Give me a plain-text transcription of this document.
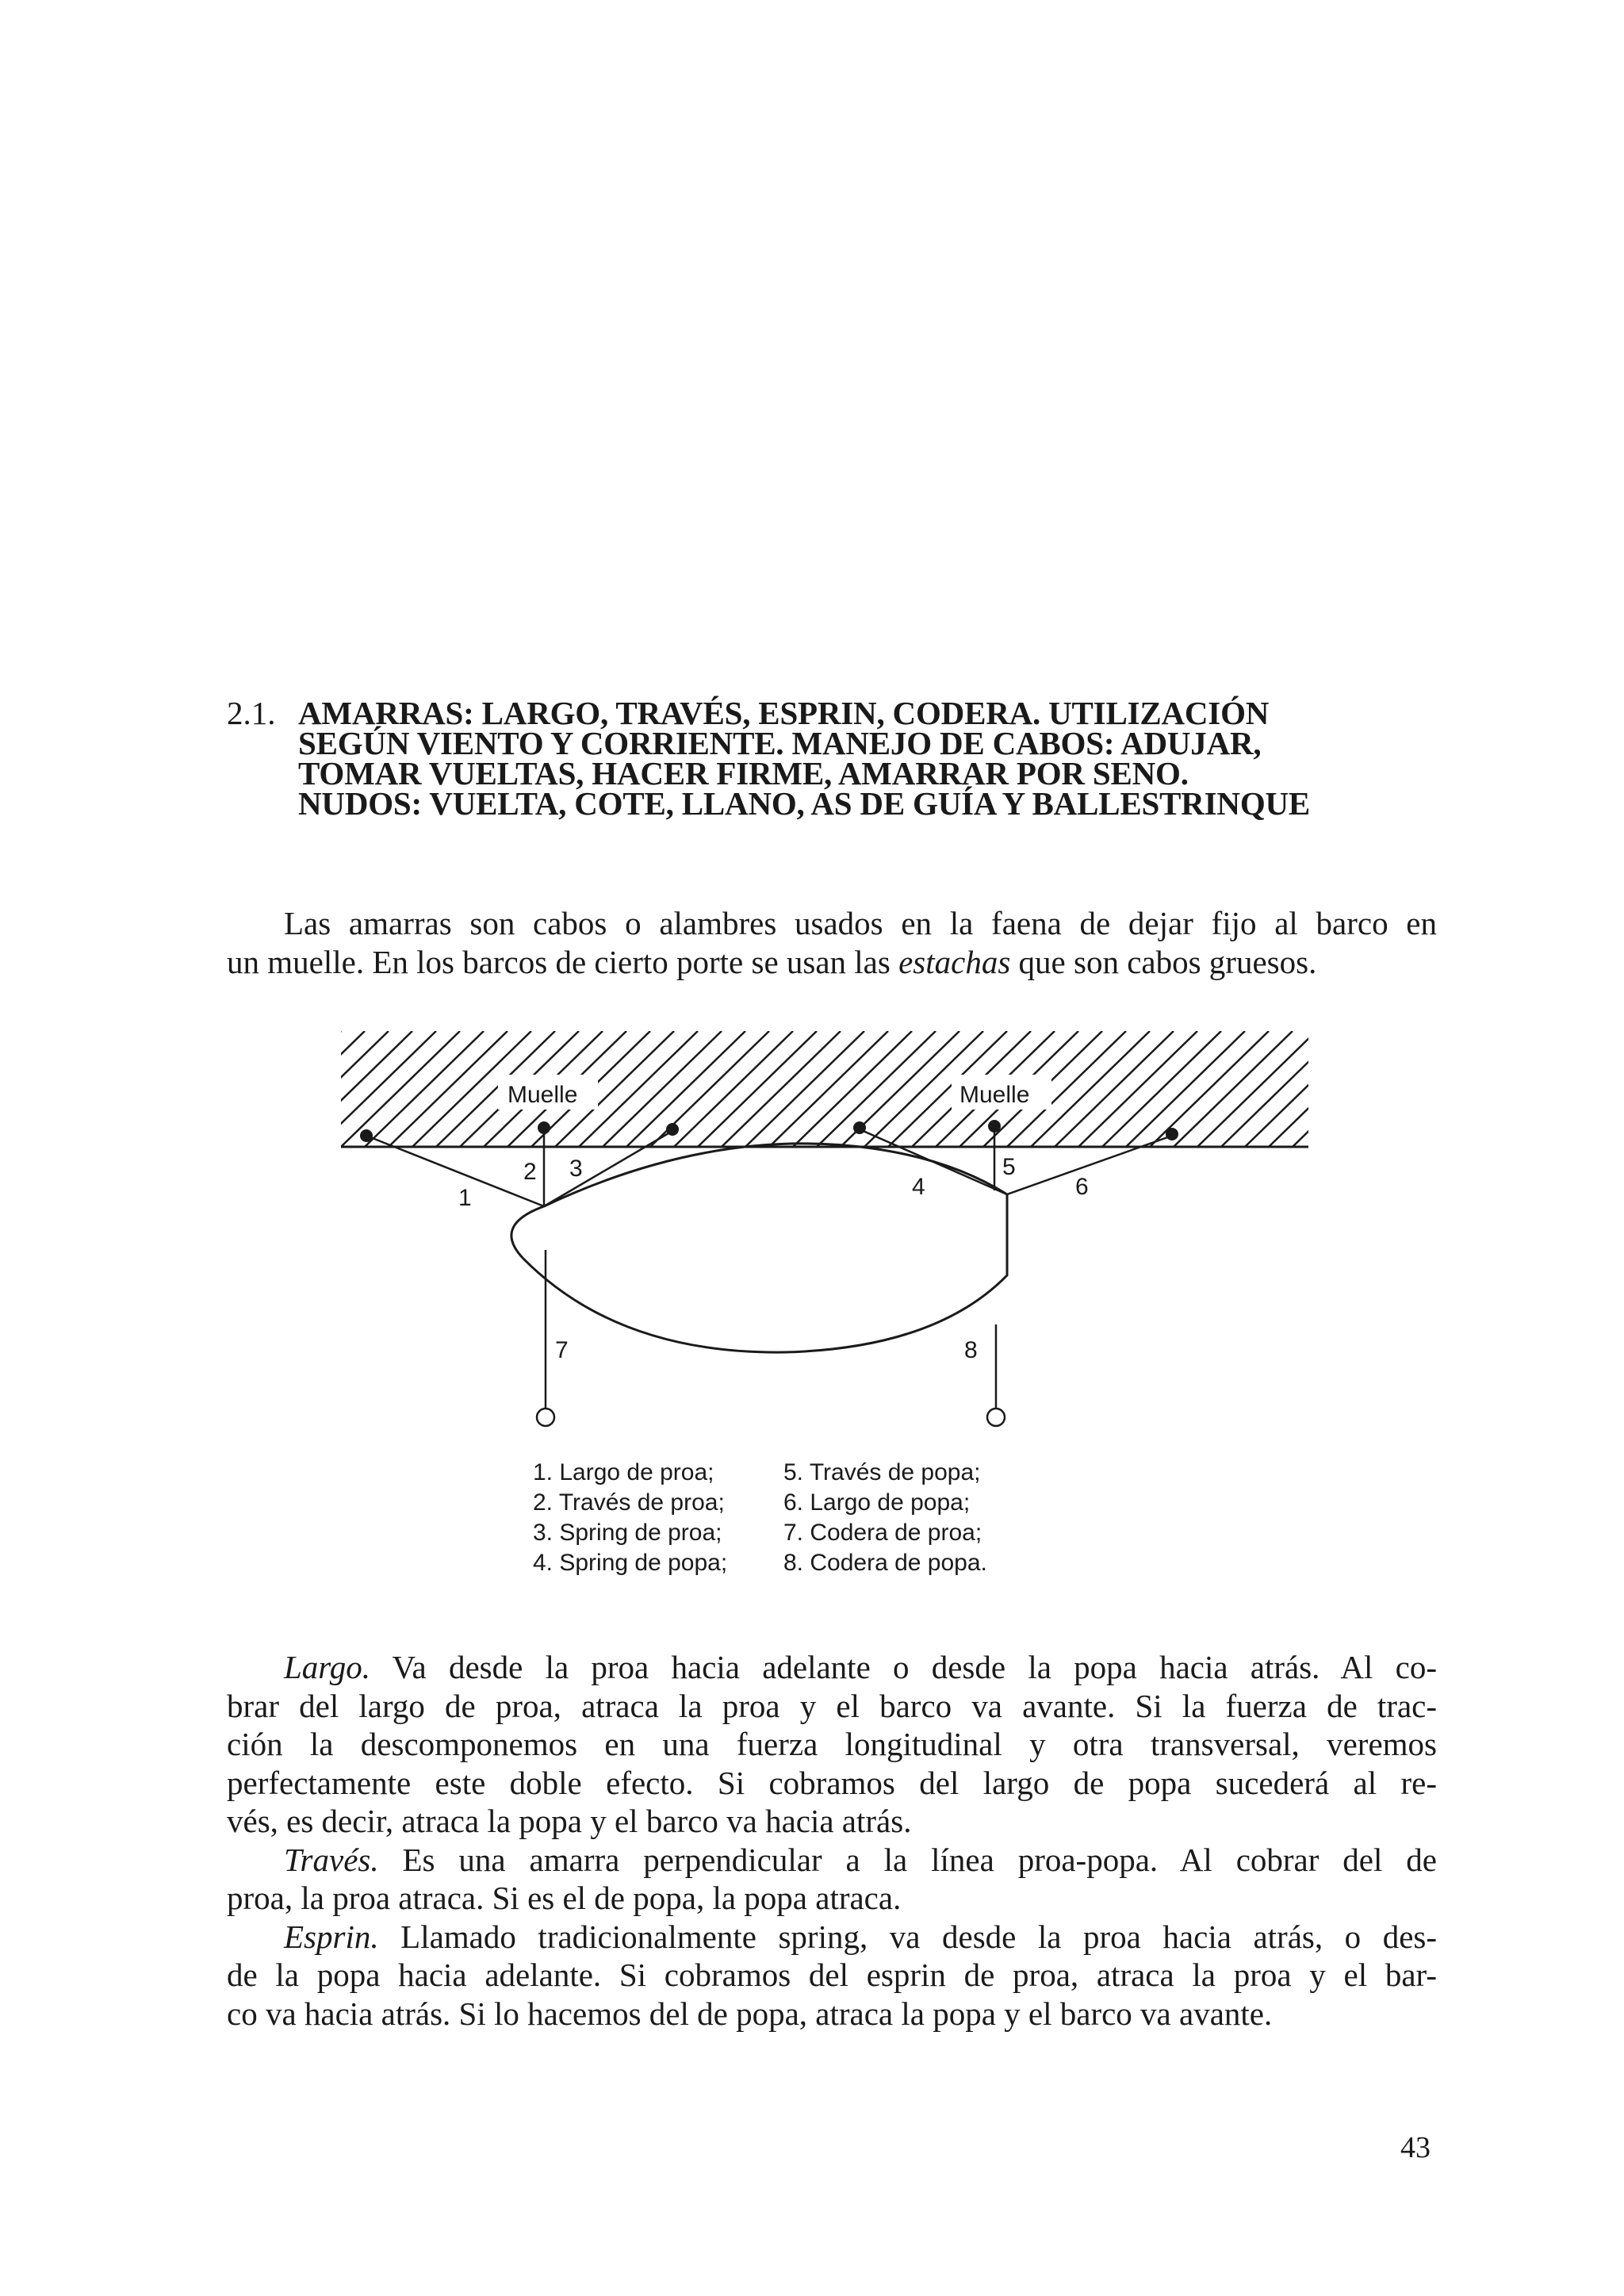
2.1. AMARRAS: LARGO, TRAVÉS, ESPRIN, CODERA. UTILIZACIÓN
SEGÚN VIENTO Y CORRIENTE. MANEJO DE CABOS: ADUJAR,
TOMAR VUELTAS, HACER FIRME, AMARRAR POR SENO.
NUDOS: VUELTA, COTE, LLANO, AS DE GUÍA Y BALLESTRINQUE

Las amarras son cabos o alambres usados en la faena de dejar fijo al barco en
un muelle. En los barcos de cierto porte se usan las estachas que son cabos gruesos.

Muelle	Muelle
1
2 3
4
5
6
7	8
1. Largo de proa;
2. Través de proa;
3. Spring de proa;
4. Spring de popa;
5. Través de popa;
6. Largo de popa;
7. Codera de proa;
8. Codera de popa.
Largo. Va desde la proa hacia adelante o desde la popa hacia atrás. Al co-
brar del largo de proa, atraca la proa y el barco va avante. Si la fuerza de trac-
ción la descomponemos en una fuerza longitudinal y otra transversal, veremos
perfectamente este doble efecto. Si cobramos del largo de popa sucederá al re-
vés, es decir, atraca la popa y el barco va hacia atrás.
Través. Es una amarra perpendicular a la línea proa-popa. Al cobrar del de
proa, la proa atraca. Si es el de popa, la popa atraca.
Esprin. Llamado tradicionalmente spring, va desde la proa hacia atrás, o des-
de la popa hacia adelante. Si cobramos del esprin de proa, atraca la proa y el bar-
co va hacia atrás. Si lo hacemos del de popa, atraca la popa y el barco va avante.
43
